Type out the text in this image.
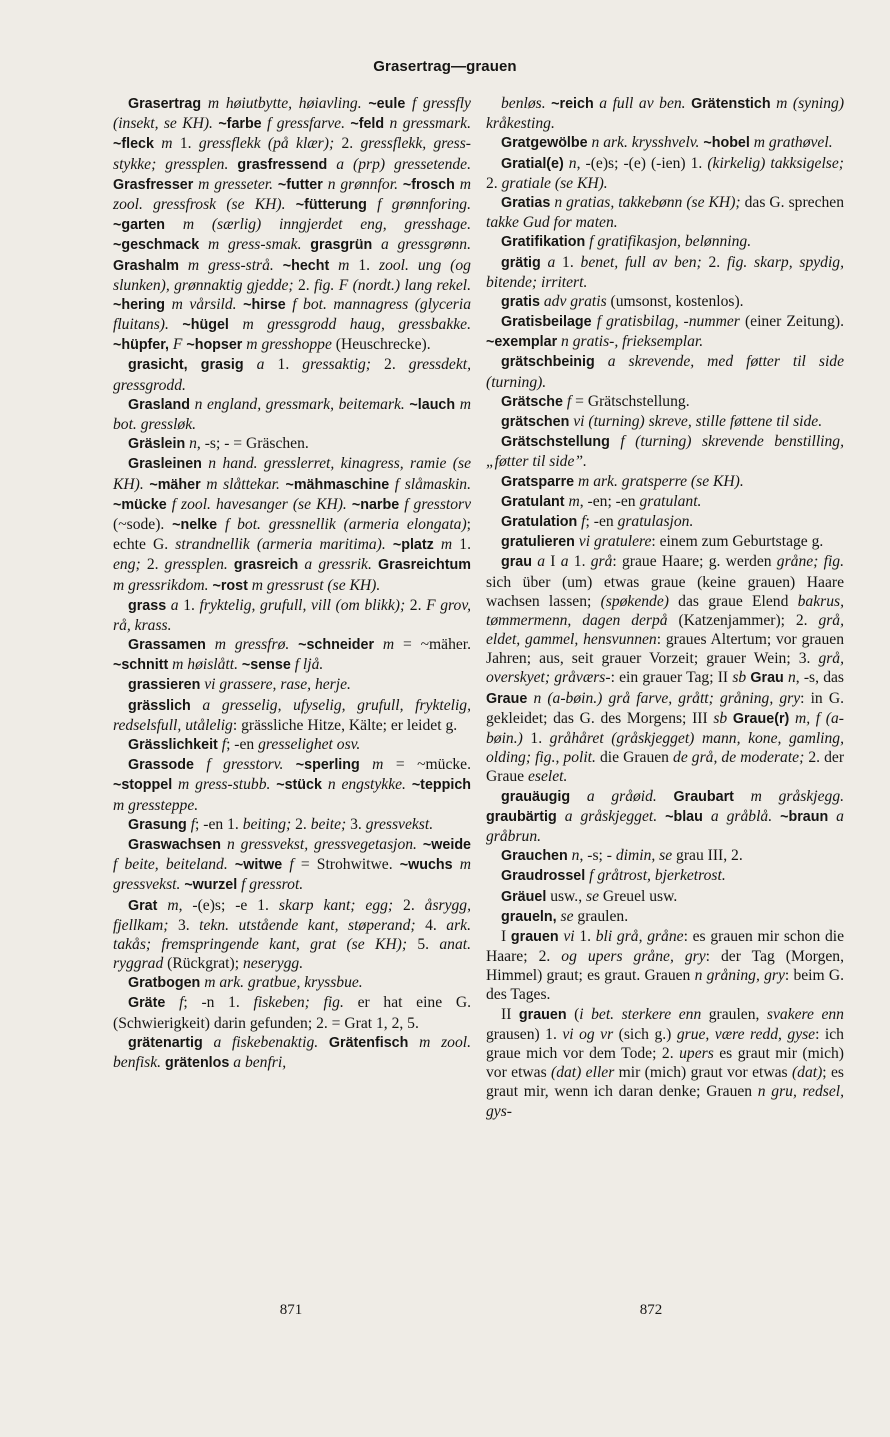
Grasertrag—grauen

Grasertrag m høiutbytte, høiavling. ~eule f gressfly (insekt, se KH). ~farbe f gressfarve. ~feld n gressmark. ~fleck m 1. gressflekk (på klær); 2. gressflekk, gress-stykke; gressplen. grasfressend a (prp) gressetende. Grasfresser m gresseter. ~futter n grønnfor. ~frosch m zool. gressfrosk (se KH). ~fütterung f grønnforing. ~garten m (særlig) inngjerdet eng, gresshage. ~geschmack m gress-smak. grasgrün a gressgrønn. Grashalm m gress-strå. ~hecht m 1. zool. ung (og slunken), grønnaktig gjedde; 2. fig. F (nordt.) lang rekel. ~hering m vårsild. ~hirse f bot. mannagress (glyceria fluitans). ~hügel m gressgrodd haug, gressbakke. ~hüpfer, F ~hopser m gresshoppe (Heuschrecke).

grasicht, grasig a 1. gressaktig; 2. gressdekt, gressgrodd.

Grasland n england, gressmark, beitemark. ~lauch m bot. gressløk.

Gräslein n, -s; - = Gräschen.

Grasleinen n hand. gresslerret, kinagress, ramie (se KH). ~mäher m slåttekar. ~mähmaschine f slåmaskin. ~mücke f zool. havesanger (se KH). ~narbe f gresstorv (~sode). ~nelke f bot. gressnellik (armeria elongata); echte G. strandnellik (armeria maritima). ~platz m 1. eng; 2. gressplen. grasreich a gressrik. Grasreichtum m gressrikdom. ~rost m gressrust (se KH).

grass a 1. fryktelig, grufull, vill (om blikk); 2. F grov, rå, krass.

Grassamen m gressfrø. ~schneider m = ~mäher. ~schnitt m høislått. ~sense f ljå.

grassieren vi grassere, rase, herje.

grässlich a gresselig, ufyselig, grufull, fryktelig, redselsfull, utålelig: grässliche Hitze, Kälte; er leidet g.

Grässlichkeit f; -en gresselighet osv.

Grassode f gresstorv. ~sperling m = ~mücke. ~stoppel m gress-stubb. ~stück n engstykke. ~teppich m gressteppe.

Grasung f; -en 1. beiting; 2. beite; 3. gressvekst.

Graswachsen n gressvekst, gressvegetasjon. ~weide f beite, beiteland. ~witwe f = Strohwitwe. ~wuchs m gressvekst. ~wurzel f gressrot.

Grat m, -(e)s; -e 1. skarp kant; egg; 2. åsrygg, fjellkam; 3. tekn. utstående kant, støperand; 4. ark. takås; fremspringende kant, grat (se KH); 5. anat. ryggrad (Rückgrat); neserygg.

Gratbogen m ark. gratbue, kryssbue.

Gräte f; -n 1. fiskeben; fig. er hat eine G. (Schwierigkeit) darin gefunden; 2. = Grat 1, 2, 5.

grätenartig a fiskebenaktig. Grätenfisch m zool. benfisk. grätenlos a benfri,

benløs. ~reich a full av ben. Grätenstich m (syning) kråkesting.

Gratgewölbe n ark. krysshvelv. ~hobel m grathøvel.

Gratial(e) n, -(e)s; -(e) (-ien) 1. (kirkelig) takksigelse; 2. gratiale (se KH).

Gratias n gratias, takkebønn (se KH); das G. sprechen takke Gud for maten.

Gratifikation f gratifikasjon, belønning.

grätig a 1. benet, full av ben; 2. fig. skarp, spydig, bitende; irritert.

gratis adv gratis (umsonst, kostenlos).

Gratisbeilage f gratisbilag, -nummer (einer Zeitung). ~exemplar n gratis-, frieksemplar.

grätschbeinig a skrevende, med føtter til side (turning).

Grätsche f = Grätschstellung.

grätschen vi (turning) skreve, stille føttene til side.

Grätschstellung f (turning) skrevende benstilling, „føtter til side”.

Gratsparre m ark. gratsperre (se KH).

Gratulant m, -en; -en gratulant.

Gratulation f; -en gratulasjon.

gratulieren vi gratulere: einem zum Geburtstage g.

grau a I a 1. grå: graue Haare; g. werden gråne; fig. sich über (um) etwas graue (keine grauen) Haare wachsen lassen; (spøkende) das graue Elend bakrus, tømmermenn, dagen derpå (Katzenjammer); 2. grå, eldet, gammel, hensvunnen: graues Altertum; vor grauen Jahren; aus, seit grauer Vorzeit; grauer Wein; 3. grå, overskyet; gråværs-: ein grauer Tag; II sb Grau n, -s, das Graue n (a-bøin.) grå farve, grått; gråning, gry: in G. gekleidet; das G. des Morgens; III sb Graue(r) m, f (a-bøin.) 1. gråhåret (gråskjegget) mann, kone, gamling, olding; fig., polit. die Grauen de grå, de moderate; 2. der Graue eselet.

grauäugig a gråøid. Graubart m gråskjegg. graubärtig a gråskjegget. ~blau a gråblå. ~braun a gråbrun.

Grauchen n, -s; - dimin, se grau III, 2.

Graudrossel f gråtrost, bjerketrost.

Gräuel usw., se Greuel usw.

graueln, se graulen.

I grauen vi 1. bli grå, gråne: es grauen mir schon die Haare; 2. og upers gråne, gry: der Tag (Morgen, Himmel) graut; es graut. Grauen n gråning, gry: beim G. des Tages.

II grauen (i bet. sterkere enn graulen, svakere enn grausen) 1. vi og vr (sich g.) grue, være redd, gyse: ich graue mich vor dem Tode; 2. upers es graut mir (mich) vor etwas (dat) eller mir (mich) graut vor etwas (dat); es graut mir, wenn ich daran denke; Grauen n gru, redsel, gys-

871	872
